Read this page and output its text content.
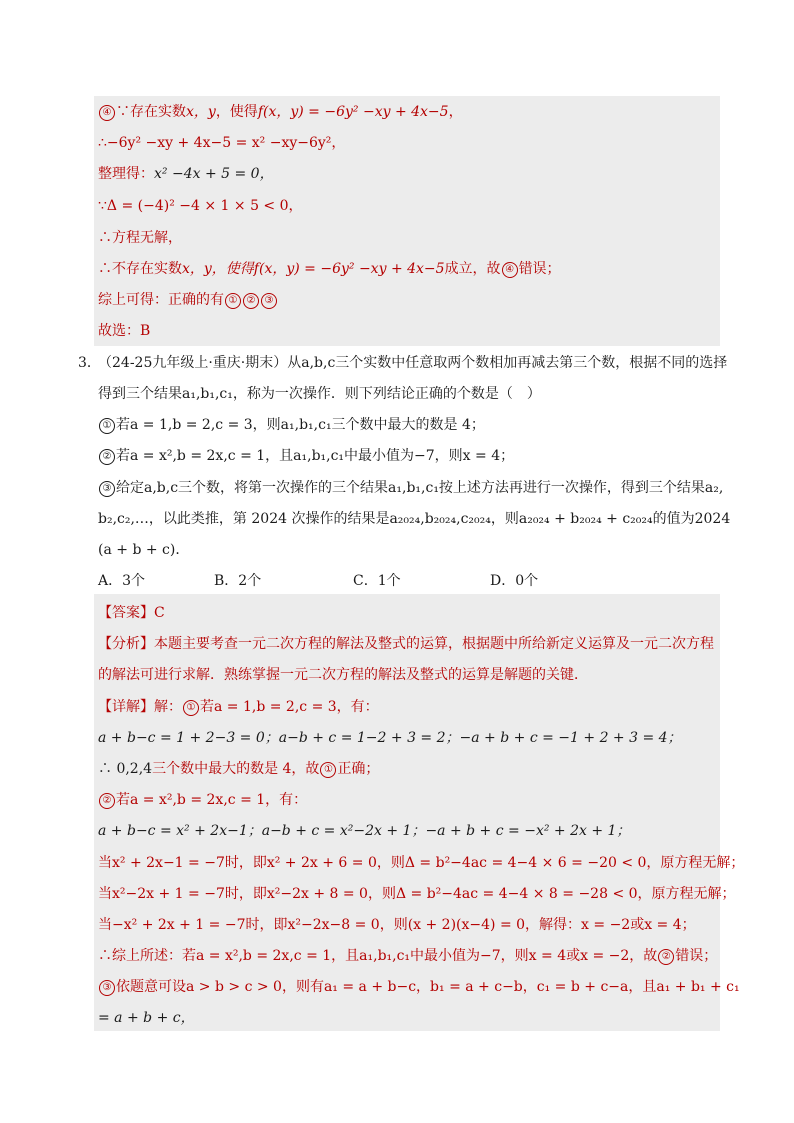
④ ∵存在实数x，y，使得f(x，y) = −6y² −xy + 4x−5，
∴−6y² −xy + 4x−5 = x² −xy−6y²，
整理得：x² −4x + 5 = 0，
∵Δ = (−4)² −4 × 1 × 5 < 0，
∴方程无解，
∴不存在实数x，y，使得f(x，y) = −6y² −xy + 4x−5成立，故 ④ 错误；
综上可得：正确的有 ① ② ③
故选：B
3．
（24-25九年级上·重庆·期末）从a,b,c三个实数中任意取两个数相加再减去第三个数，根据不同的选择
得到三个结果a₁,b₁,c₁，称为一次操作．则下列结论正确的个数是（　）
① 若a = 1,b = 2,c = 3，则a₁,b₁,c₁三个数中最大的数是 4；
② 若a = x²,b = 2x,c = 1，且a₁,b₁,c₁中最小值为−7，则x = 4；
③ 给定a,b,c三个数，将第一次操作的三个结果a₁,b₁,c₁按上述方法再进行一次操作，得到三个结果a₂,
b₂,c₂,…，以此类推，第 2024 次操作的结果是a₂₀₂₄,b₂₀₂₄,c₂₀₂₄，则a₂₀₂₄ + b₂₀₂₄ + c₂₀₂₄的值为2024
(a + b + c)．
A．3个	B．2个	C．1个	D．0个
【答案】C
【分析】本题主要考查一元二次方程的解法及整式的运算，根据题中所给新定义运算及一元二次方程
的解法可进行求解．熟练掌握一元二次方程的解法及整式的运算是解题的关键．
【详解】解： ① 若a = 1,b = 2,c = 3，有：
a + b−c = 1 + 2−3 = 0；a−b + c = 1−2 + 3 = 2；−a + b + c = −1 + 2 + 3 = 4；
∴ 0,2,4三个数中最大的数是 4，故 ① 正确；
② 若a = x²,b = 2x,c = 1，有：
a + b−c = x² + 2x−1；a−b + c = x²−2x + 1；−a + b + c = −x² + 2x + 1；
当x² + 2x−1 = −7时，即x² + 2x + 6 = 0，则Δ = b²−4ac = 4−4 × 6 = −20 < 0，原方程无解；
当x²−2x + 1 = −7时，即x²−2x + 8 = 0，则Δ = b²−4ac = 4−4 × 8 = −28 < 0，原方程无解；
当−x² + 2x + 1 = −7时，即x²−2x−8 = 0，则(x + 2)(x−4) = 0，解得：x = −2或x = 4；
∴综上所述：若a = x²,b = 2x,c = 1，且a₁,b₁,c₁中最小值为−7，则x = 4或x = −2，故 ② 错误；
③ 依题意可设a > b > c > 0，则有a₁ = a + b−c，b₁ = a + c−b，c₁ = b + c−a，且a₁ + b₁ + c₁
= a + b + c，
